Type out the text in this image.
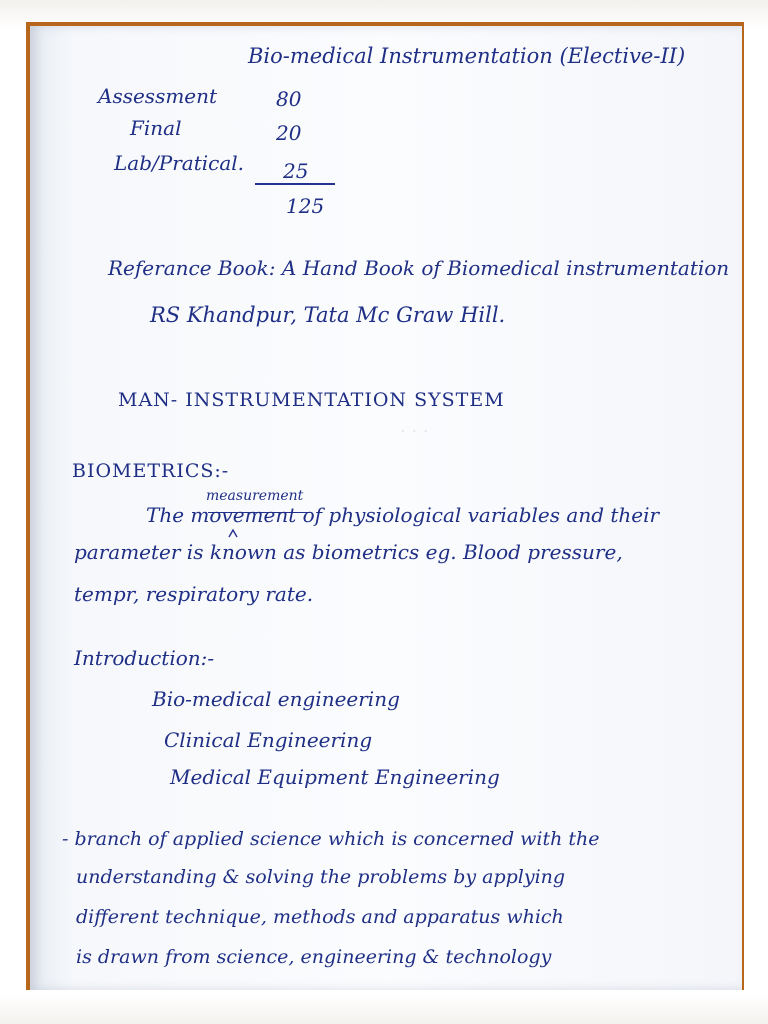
· · ·
Bio-medical Instrumentation (Elective-II)
Assessment	80
Final	20
Lab/Pratical. 25
125
Referance Book: A Hand Book of Biomedical instrumentation
RS Khandpur, Tata Mc Graw Hill.
MAN- INSTRUMENTATION SYSTEM
BIOMETRICS:-
measurement
The movement of physiological variables and their
parameter is known as biometrics eg. Blood pressure,
tempr, respiratory rate.
Introduction:-
Bio-medical engineering
Clinical Engineering
Medical Equipment Engineering
- branch of applied science which is concerned with the
understanding & solving the problems by applying
different technique, methods and apparatus which
is drawn from science, engineering & technology
